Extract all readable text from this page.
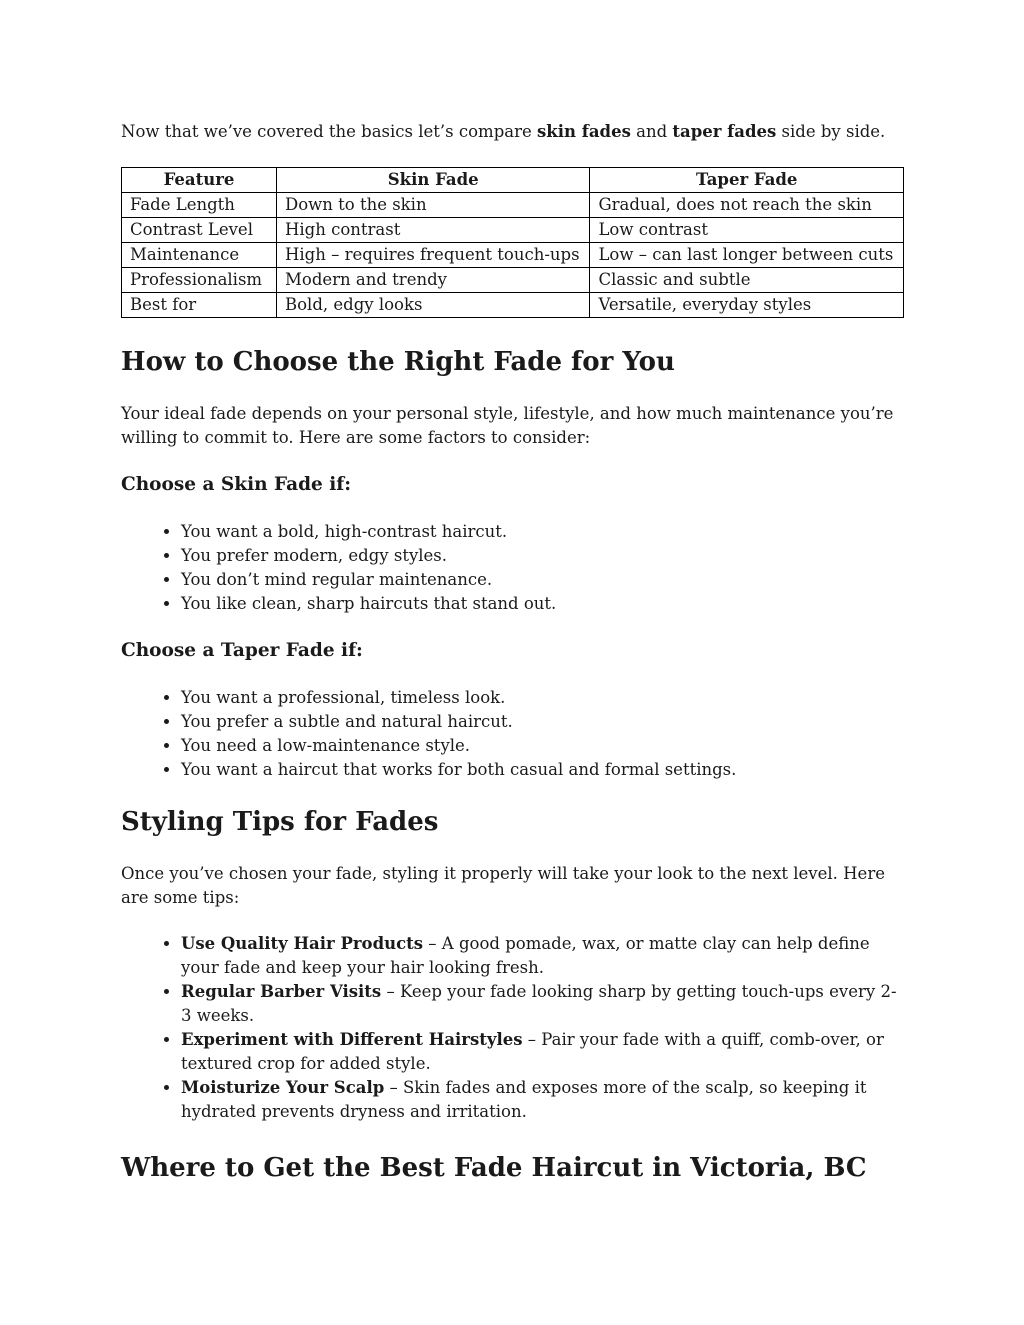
Now that we’ve covered the basics let’s compare skin fades and taper fades side by side.

Feature	Skin Fade	Taper Fade
Fade Length	Down to the skin	Gradual, does not reach the skin
Contrast Level	High contrast	Low contrast
Maintenance	High – requires frequent touch-ups	Low – can last longer between cuts
Professionalism	Modern and trendy	Classic and subtle
Best for	Bold, edgy looks	Versatile, everyday styles
How to Choose the Right Fade for You

Your ideal fade depends on your personal style, lifestyle, and how much maintenance you’re willing to commit to. Here are some factors to consider:

Choose a Skin Fade if:
• You want a bold, high-contrast haircut.
• You prefer modern, edgy styles.
• You don’t mind regular maintenance.
• You like clean, sharp haircuts that stand out.
Choose a Taper Fade if:
• You want a professional, timeless look.
• You prefer a subtle and natural haircut.
• You need a low-maintenance style.
• You want a haircut that works for both casual and formal settings.
Styling Tips for Fades

Once you’ve chosen your fade, styling it properly will take your look to the next level. Here are some tips:

• Use Quality Hair Products – A good pomade, wax, or matte clay can help define your fade and keep your hair looking fresh.
• Regular Barber Visits – Keep your fade looking sharp by getting touch-ups every 2-3 weeks.
• Experiment with Different Hairstyles – Pair your fade with a quiff, comb-over, or textured crop for added style.
• Moisturize Your Scalp – Skin fades and exposes more of the scalp, so keeping it hydrated prevents dryness and irritation.
Where to Get the Best Fade Haircut in Victoria, BC
